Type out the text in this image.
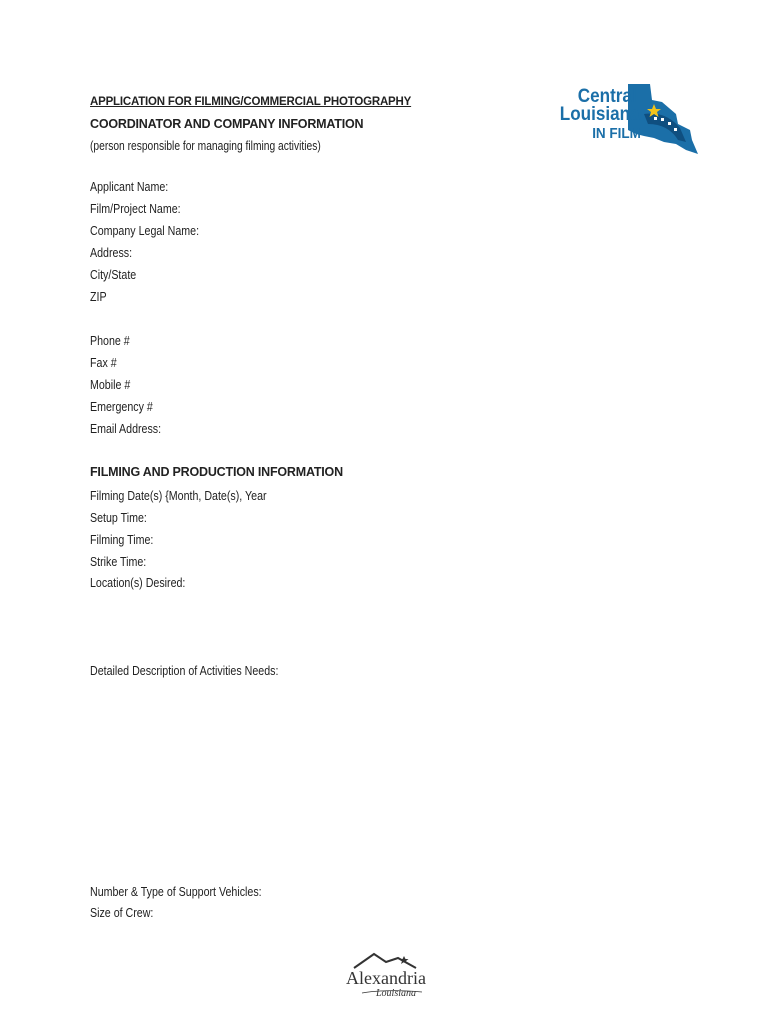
APPLICATION FOR FILMING/COMMERCIAL PHOTOGRAPHY
COORDINATOR AND COMPANY INFORMATION
(person responsible for managing filming activities)
Applicant Name:
Film/Project Name:
Company Legal Name:
Address:
City/State
ZIP
Phone #
Fax #
Mobile #
Emergency #
Email Address:
FILMING AND PRODUCTION INFORMATION
Filming Date(s) {Month, Date(s), Year
Setup Time:
Filming Time:
Strike Time:
Location(s) Desired:
Detailed Description of Activities Needs:
Number & Type of Support Vehicles:
Size of Crew:
Central
Louisiana
IN FILM
Alexandria
Louisiana
